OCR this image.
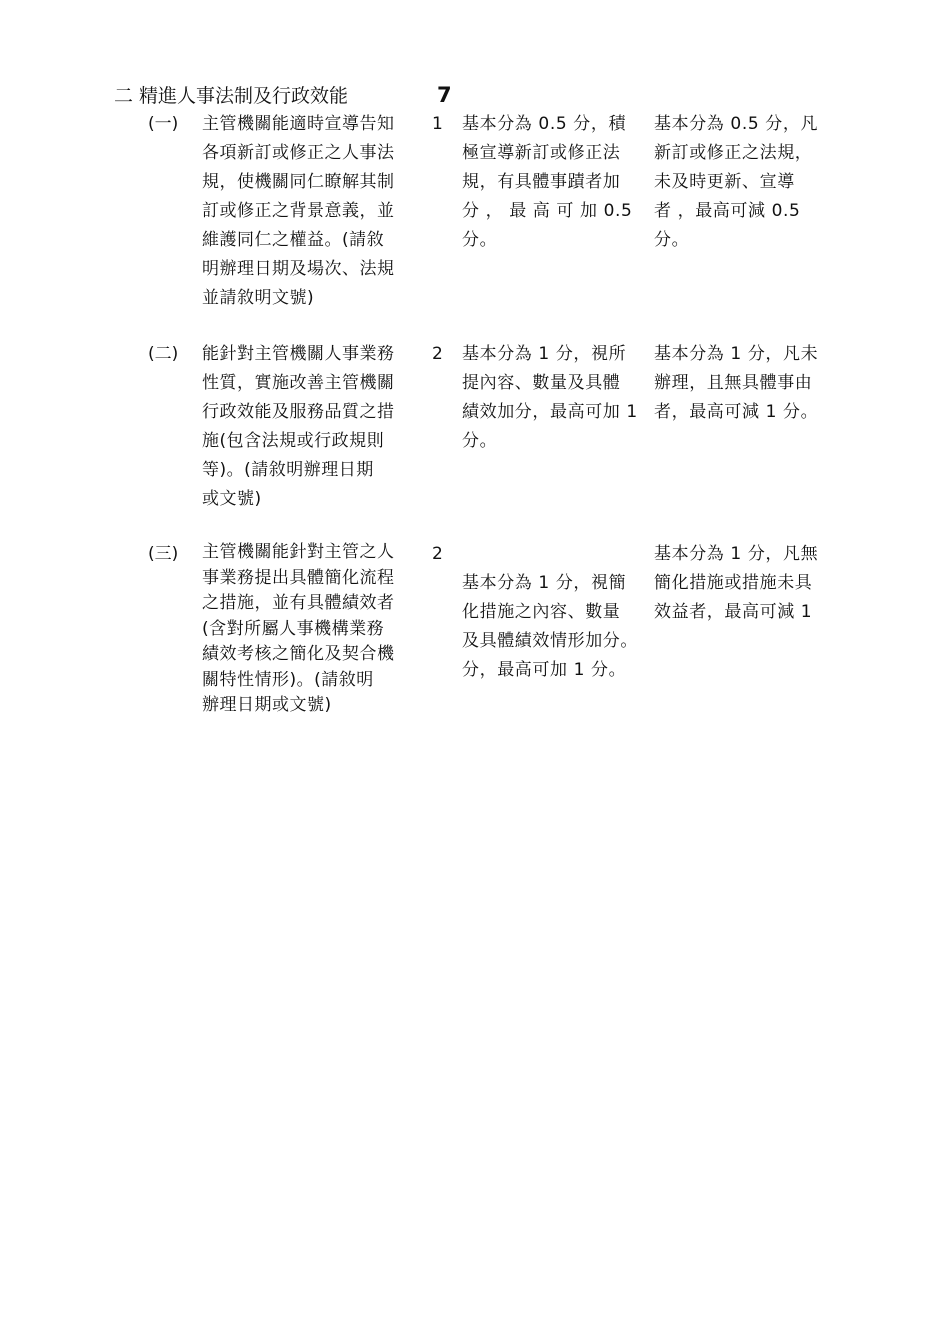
二 精進人事法制及行政效能	7
(一) 主管機關能適時宣導告知
各項新訂或修正之人事法
規，使機關同仁瞭解其制
訂或修正之背景意義，並
維護同仁之權益。(請敘
明辦理日期及場次、法規
並請敘明文號)
1 基本分為 0.5 分，積
極宣導新訂或修正法
規，有具體事蹟者加
分 ， 最 高 可 加 0.5
分。
基本分為 0.5 分，凡
新訂或修正之法規，
未及時更新、宣導
者 ，最高可減 0.5
分。
(二) 能針對主管機關人事業務
性質，實施改善主管機關
行政效能及服務品質之措
施(包含法規或行政規則
等)。(請敘明辦理日期
或文號)
2 基本分為 1 分，視所
提內容、數量及具體
績效加分，最高可加 1
分。
基本分為 1 分，凡未
辦理，且無具體事由
者，最高可減 1 分。
(三) 主管機關能針對主管之人
事業務提出具體簡化流程
之措施，並有具體績效者
(含對所屬人事機構業務
績效考核之簡化及契合機
關特性情形)。(請敘明
辦理日期或文號)
2

基本分為 1 分，視簡
化措施之內容、數量
及具體績效情形加分。
分，最高可加 1 分。
基本分為 1 分，凡無
簡化措施或措施未具
效益者，最高可減 1
